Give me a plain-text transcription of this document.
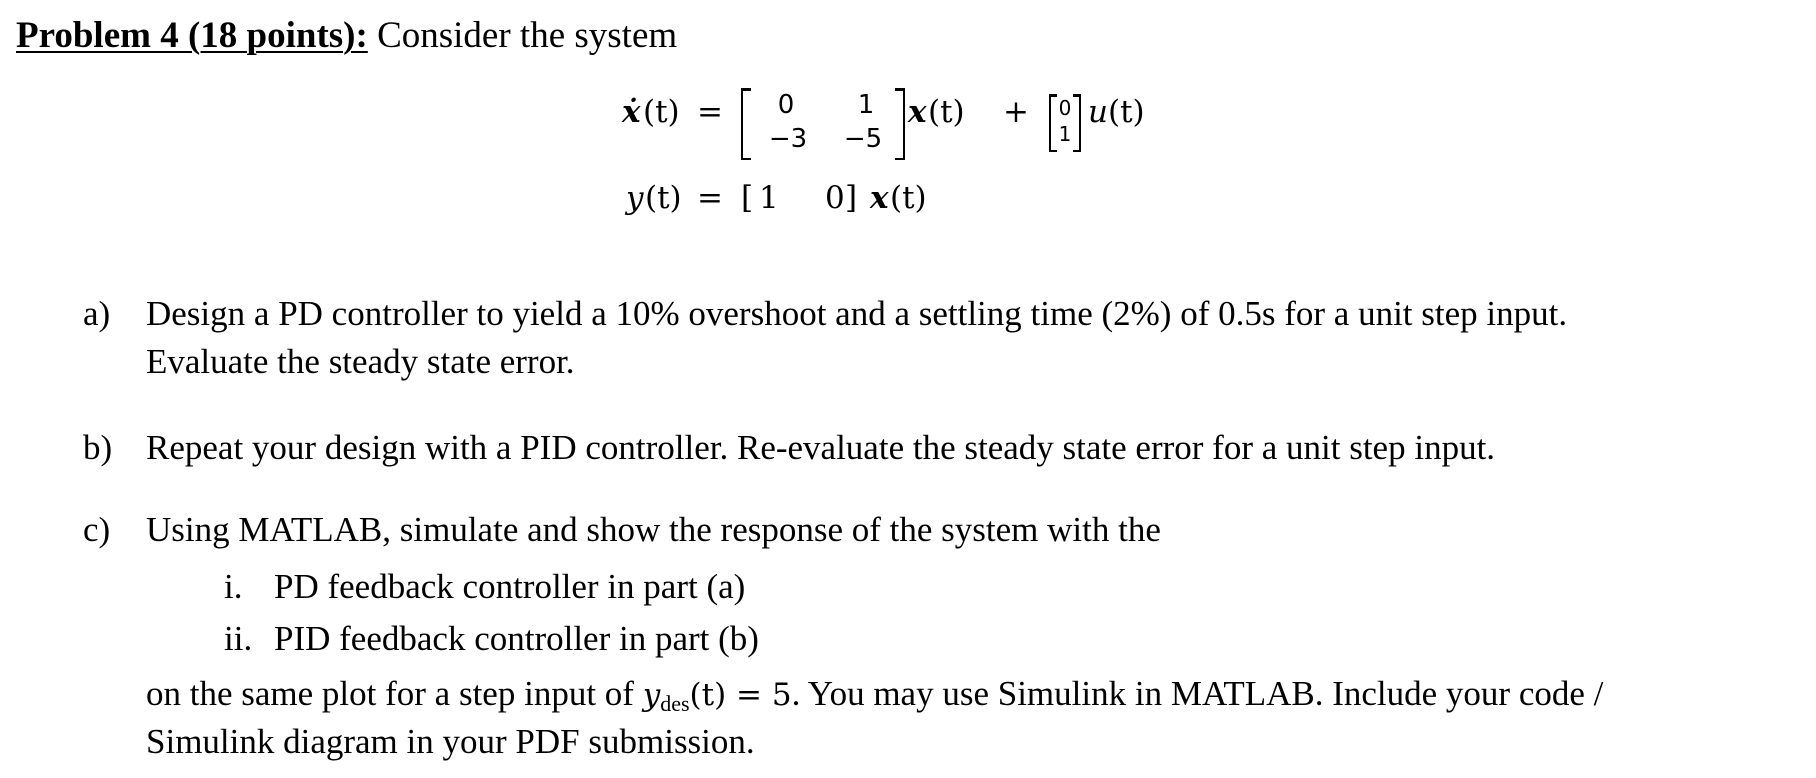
Problem 4 (18 points): Consider the system
ẋ (t) =	0	1
−3	−5
x (t) + 0
1
u (t)
y (t) = [ 1 0 ] x (t)
a) Design a PD controller to yield a 10% overshoot and a settling time (2%) of 0.5s for a unit step input.
Evaluate the steady state error.
b) Repeat your design with a PID controller. Re-evaluate the steady state error for a unit step input.
c) Using MATLAB, simulate and show the response of the system with the
i. PD feedback controller in part (a)
ii. PID feedback controller in part (b)
on the same plot for a step input of $y_{des}(t) = 5$. You may use Simulink in MATLAB. Include your code /
Simulink diagram in your PDF submission.
